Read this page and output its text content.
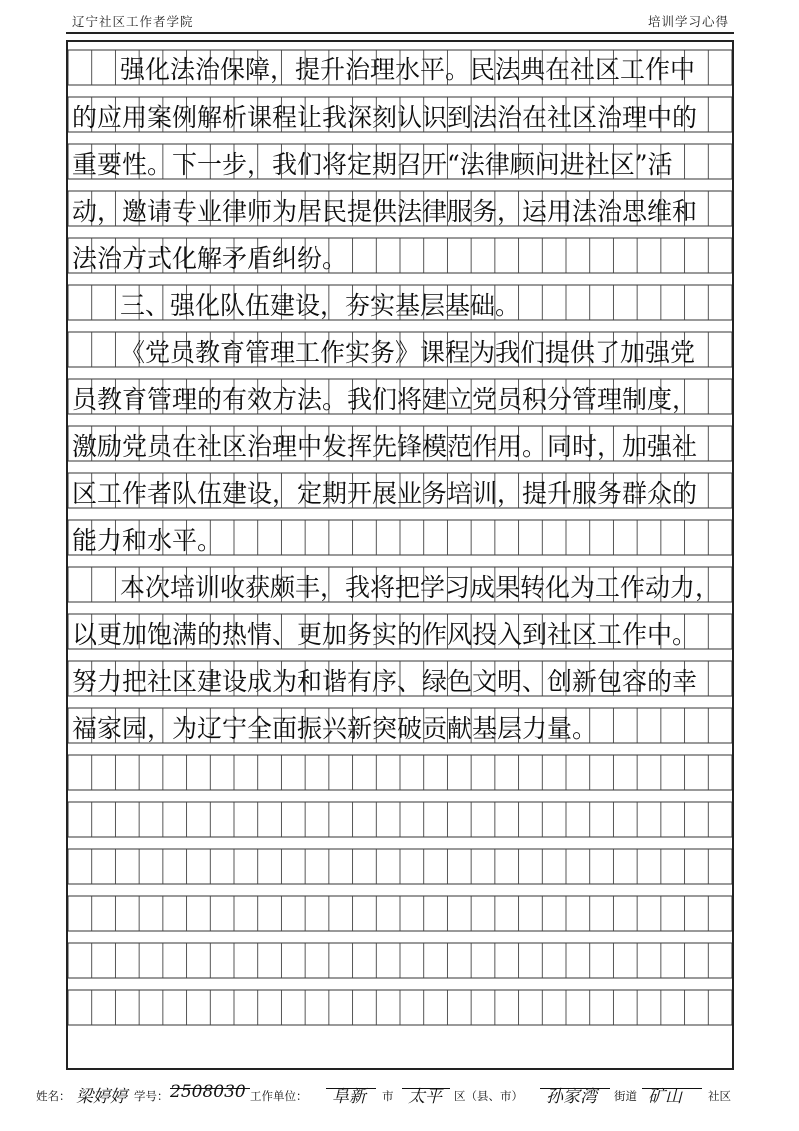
辽宁社区工作者学院	培训学习心得
强化法治保障，提升治理水平。民法典在社区工作中
的应用案例解析课程让我深刻认识到法治在社区治理中的
重要性。下一步，我们将定期召开“法律顾问进社区”活
动，邀请专业律师为居民提供法律服务，运用法治思维和
法治方式化解矛盾纠纷。
三、强化队伍建设，夯实基层基础。
《党员教育管理工作实务》课程为我们提供了加强党
员教育管理的有效方法。我们将建立党员积分管理制度，
激励党员在社区治理中发挥先锋模范作用。同时，加强社
区工作者队伍建设，定期开展业务培训，提升服务群众的
能力和水平。
本次培训收获颇丰，我将把学习成果转化为工作动力，
以更加饱满的热情、更加务实的作风投入到社区工作中。
努力把社区建设成为和谐有序、绿色文明、创新包容的幸
福家园，为辽宁全面振兴新突破贡献基层力量。
姓名： 梁婷婷 学号： 2508030 工作单位： 阜新 市 太平 区（县、市） 孙家湾 街道 矿山 社区
